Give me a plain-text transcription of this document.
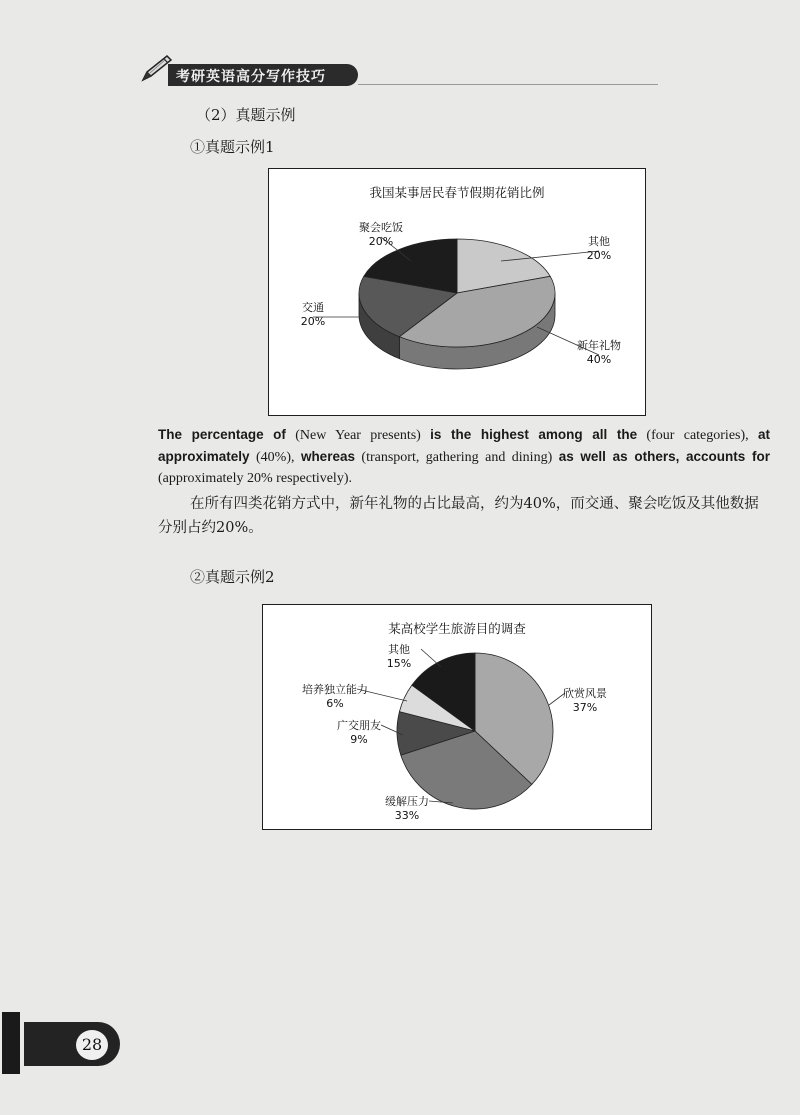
考研英语高分写作技巧
（2）真题示例
①真题示例1
我国某事居民春节假期花销比例
其他
20%
新年礼物
40%
交通
20%
聚会吃饭
20%
The percentage of (New Year presents) is the highest among all the (four categories), at approximately (40%), whereas (transport, gathering and dining) as well as others, accounts for (approximately 20% respectively).
在所有四类花销方式中，新年礼物的占比最高，约为40%，而交通、聚会吃饭及其他数据分别占约20%。
②真题示例2
某高校学生旅游目的调查
欣赏风景
37%
缓解压力
33%
广交朋友
9%
培养独立能力
6%
其他
15%
28
